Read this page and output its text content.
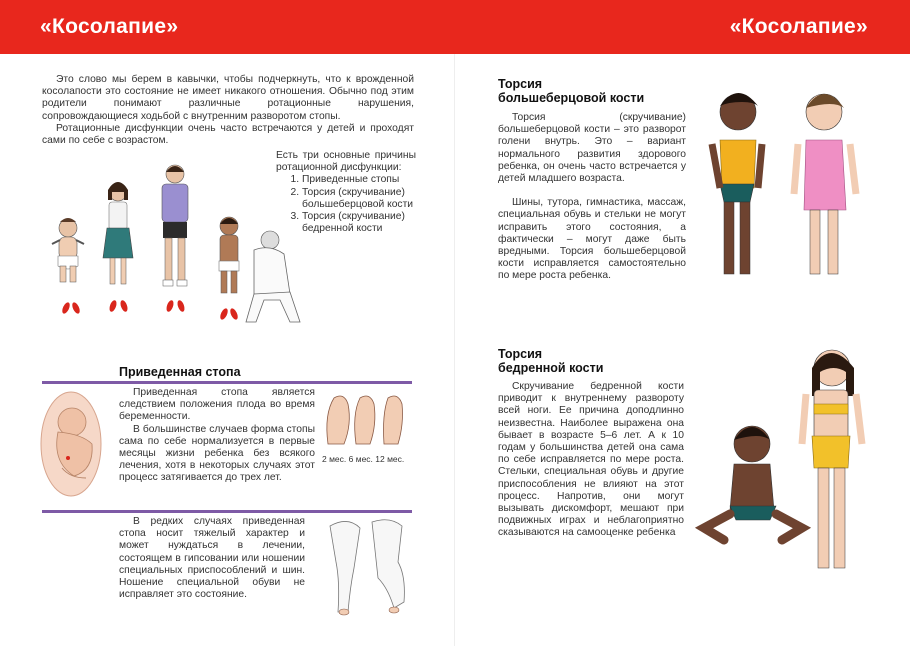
«Косолапие»	«Косолапие»

Это слово мы берем в кавычки, чтобы подчеркнуть, что к врожденной косолапости это состояние не имеет никакого отношения. Обычно под этим родители понимают различные ротационные нарушения, сопровождающиеся ходьбой с внутренним разворотом стопы.

Ротационные дисфункции очень часто встречаются у детей и проходят сами по себе с возрастом.

Есть три основные причины ротационной дисфункции:
1. Приведенные стопы
2. Торсия (скручивание) большеберцовой кости
3. Торсия (скручивание) бедренной кости
Приведенная стопа

Приведенная стопа является следствием положения плода во время беременности.

В большинстве случаев форма стопы сама по себе нормализуется в первые месяцы жизни ребенка без всякого лечения, хотя в некоторых случаях этот процесс затягивается до трех лет.

2 мес. 6 мес. 12 мес.

В редких случаях приведенная стопа носит тяжелый характер и может нуждаться в лечении, состоящем в гипсовании или ношении специальных приспособлений и шин. Ношение специальной обуви не исправляет это состояние.

Торсия
большеберцовой кости

Торсия (скручивание) большеберцовой кости – это разворот голени внутрь. Это – вариант нормального развития здорового ребенка, он очень часто встречается у детей младшего возраста.

Шины, тутора, гимнастика, массаж, специальная обувь и стельки не могут исправить этого состояния, а фактически – могут даже быть вредными. Торсия большеберцовой кости исправляется самостоятельно по мере роста ребенка.

Торсия
бедренной кости

Скручивание бедренной кости приводит к внутреннему развороту всей ноги. Ее причина доподлинно неизвестна. Наиболее выражена она бывает в возрасте 5–6 лет. А к 10 годам у большинства детей она сама по себе исправляется по мере роста. Стельки, специальная обувь и другие приспособления не влияют на этот процесс. Напротив, они могут вызывать дискомфорт, мешают при подвижных играх и неблагоприятно сказываются на самооценке ребенка
